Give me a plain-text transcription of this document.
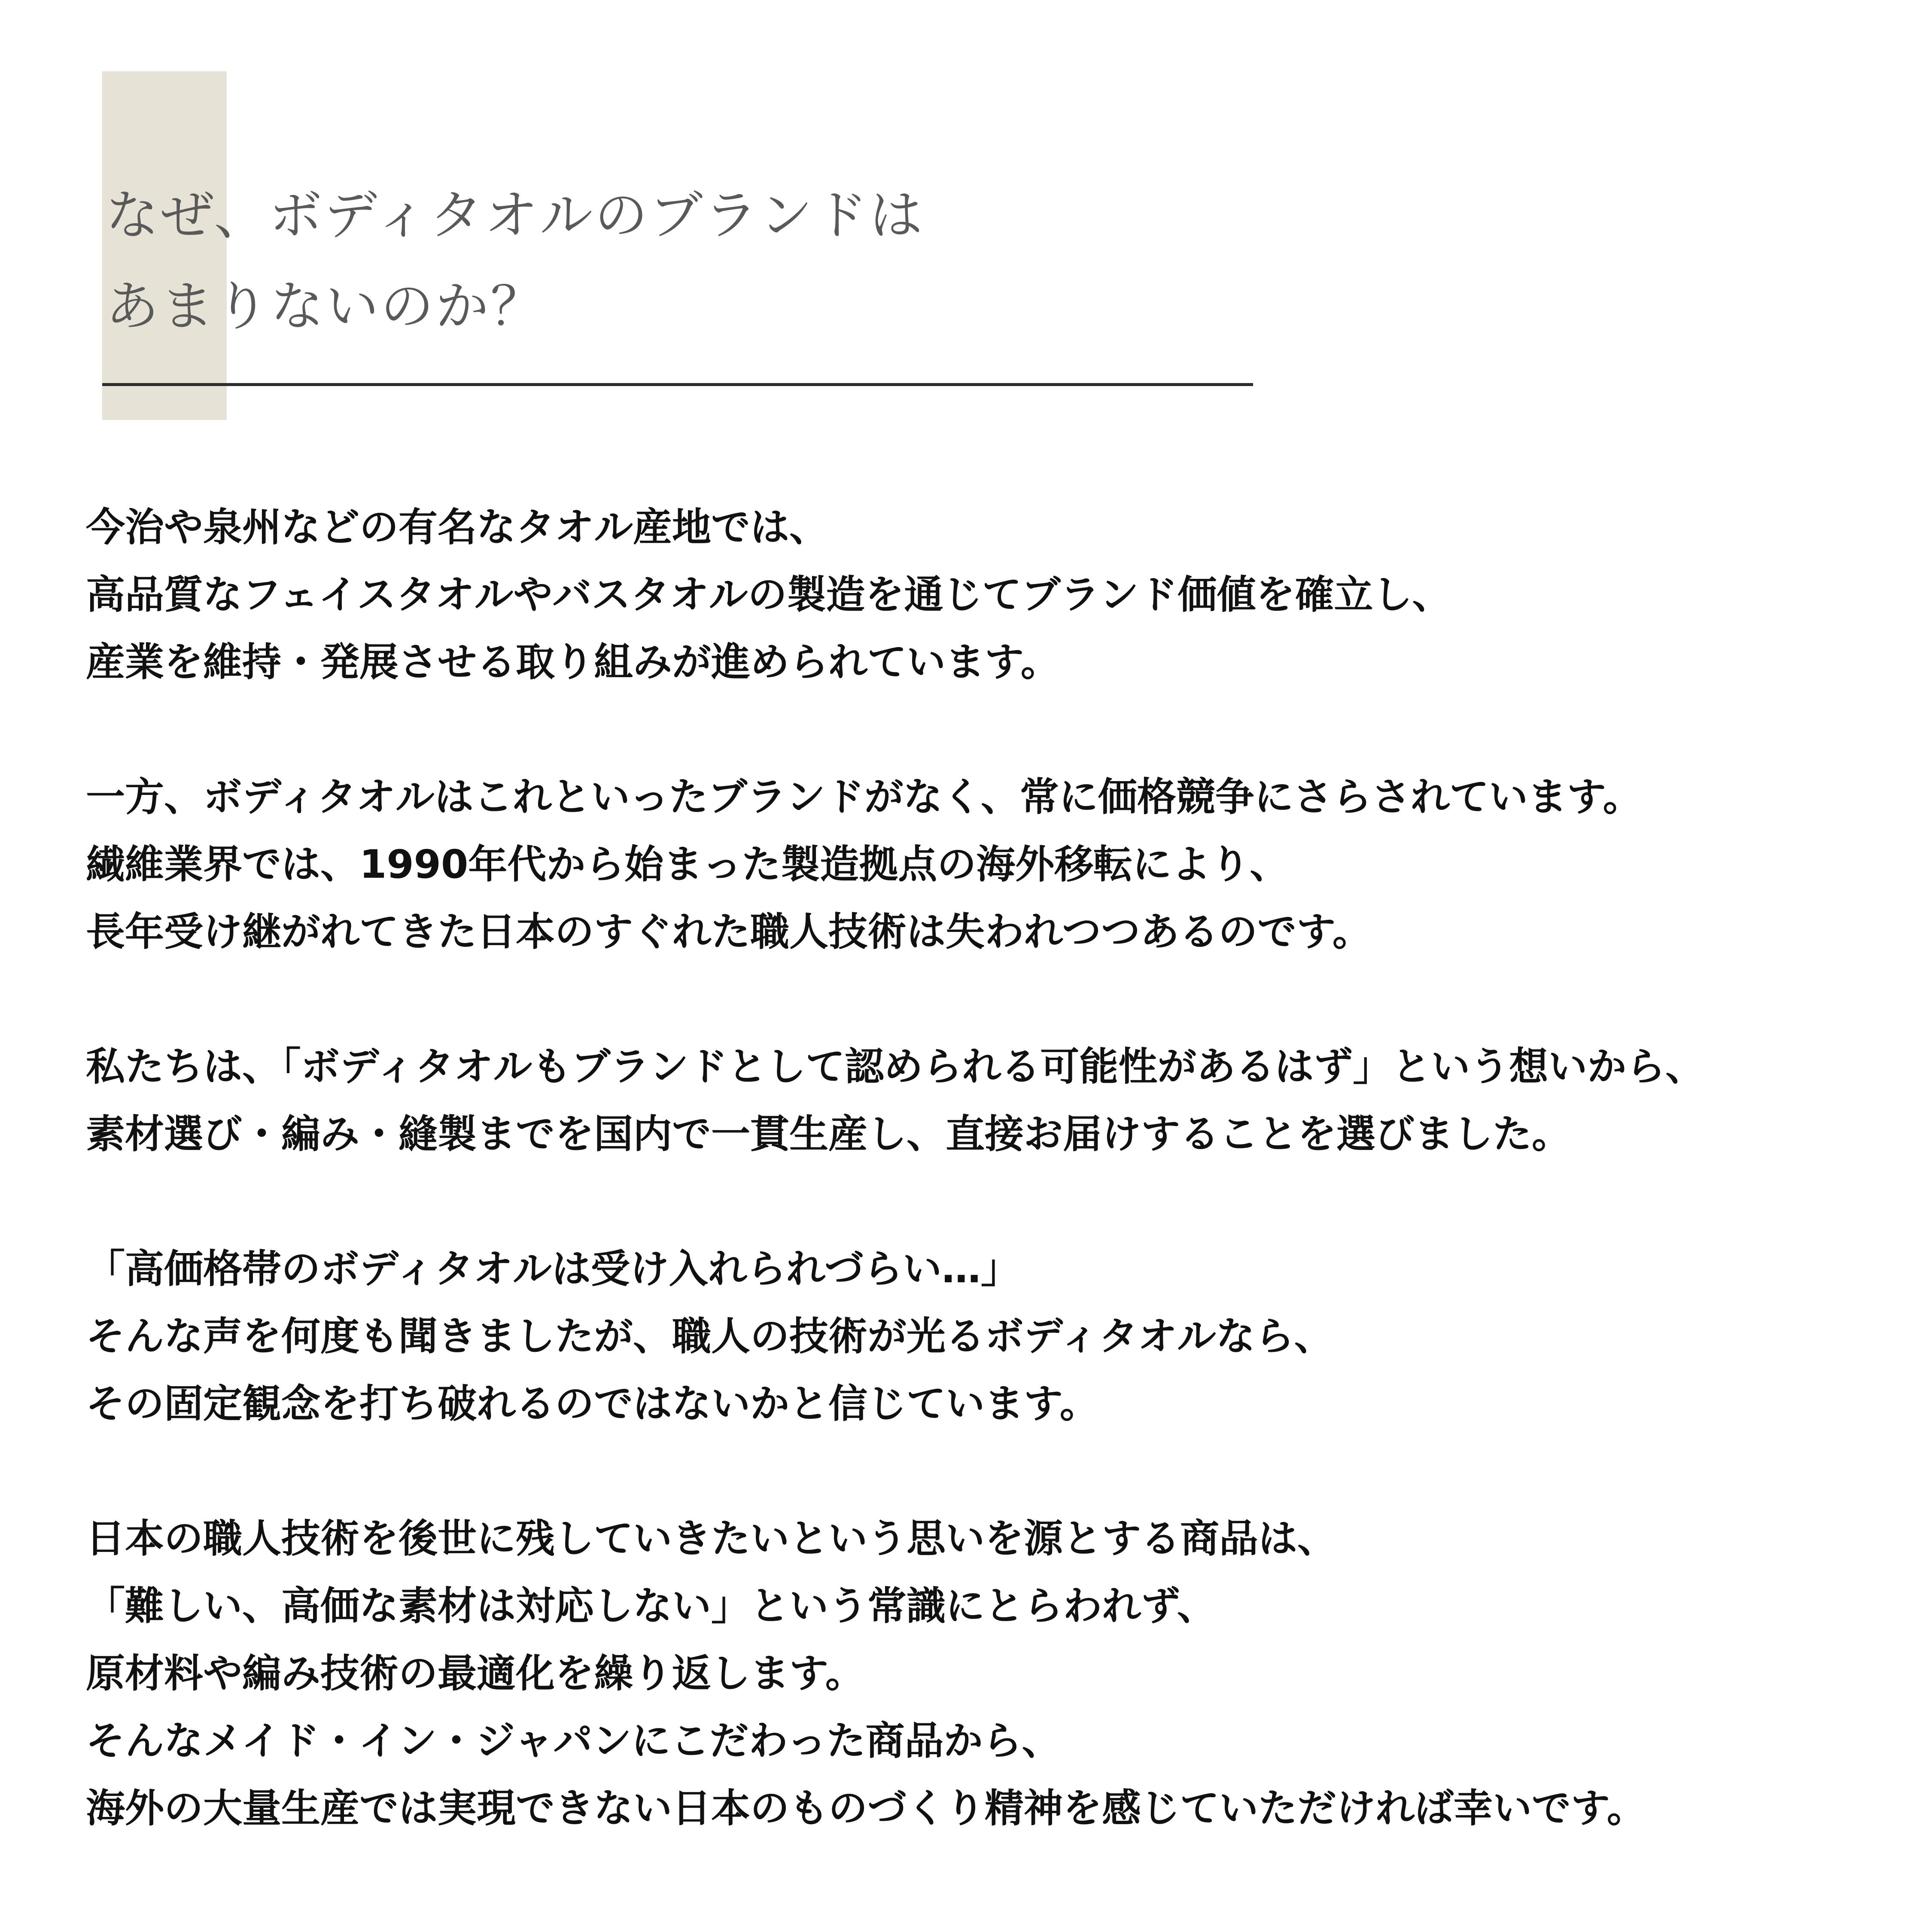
なぜ、ボディタオルのブランドは
あまりないのか？

今治や泉州などの有名なタオル産地では、
高品質なフェイスタオルやバスタオルの製造を通じてブランド価値を確立し、
産業を維持・発展させる取り組みが進められています。

一方、ボディタオルはこれといったブランドがなく、常に価格競争にさらされています。
繊維業界では、1990年代から始まった製造拠点の海外移転により、
長年受け継がれてきた日本のすぐれた職人技術は失われつつあるのです。

私たちは、「ボディタオルもブランドとして認められる可能性があるはず」という想いから、
素材選び・編み・縫製までを国内で一貫生産し、直接お届けすることを選びました。

「高価格帯のボディタオルは受け入れられづらい…」
そんな声を何度も聞きましたが、職人の技術が光るボディタオルなら、
その固定観念を打ち破れるのではないかと信じています。

日本の職人技術を後世に残していきたいという思いを源とする商品は、
「難しい、高価な素材は対応しない」という常識にとらわれず、
原材料や編み技術の最適化を繰り返します。
そんなメイド・イン・ジャパンにこだわった商品から、
海外の大量生産では実現できない日本のものづくり精神を感じていただければ幸いです。
